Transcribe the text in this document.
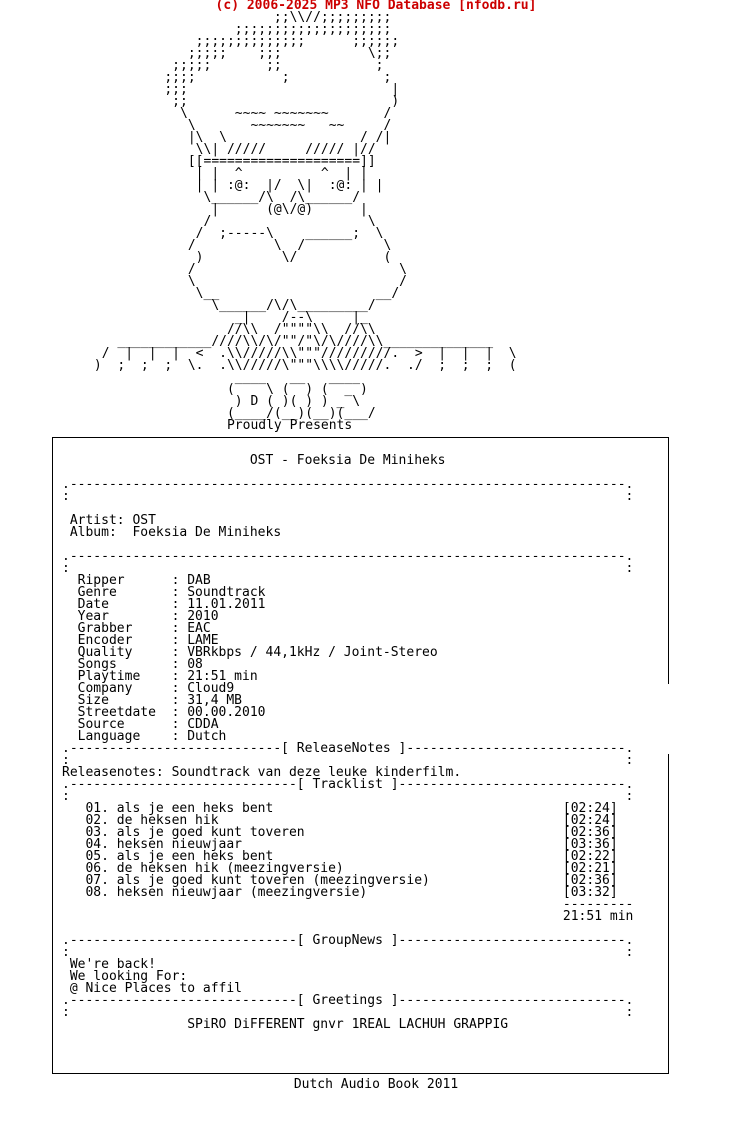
(c) 2006-2025 MP3 NFO Database [nfodb.ru]
;;\\//;;;;;;;;;
;;;;;;;;;;;;;;;;;;;;
;;;;;;;;;;;;;;      ;;;;;;
;;;;;    ;;;           \;;
;;;;;       ;;            ;
;;;;           ;            ;
;;;                          |
;;                          )
\      ~~~~ ~~~~~~~       /
\       ~~~~~~~   ~~     /
|\  \                 / /|
\\| /////     ///// |//
[[====================]]
| |  ^          ^  | |
| | :@:  |/  \|  :@: | |
\______/\  /\______/
|      (@\/@)      |
/                    \
/  ;-----\    ______;  \
/          \  /          \
)          \/           (
/                          \
\                          /
\__                    __/
\______/\/\_________/
_|    /--\     |_
//\\  /""""\\  //\\
____________////\\/\/""/"\/\////\\______________
/  |  |  |  <  .\\/////\\"""/////////.  >  |  |  |  \
)  ;  ;  ;  \.  .\\/////\"""\\\\/////.  ./  ;  ;  ;  (
____   __   ____
(    \ (  ) (  _ )
) D ( )( ) ) _ \
(____/(__)(__)(___/
Proudly Presents
OST - Foeksia De Miniheks

.-----------------------------------------------------------------------.
:                                                                       :

Artist: OST
Album:  Foeksia De Miniheks

.-----------------------------------------------------------------------.
:                                                                       :
Ripper      : DAB
Genre       : Soundtrack
Date        : 11.01.2011
Year        : 2010
Grabber     : EAC
Encoder     : LAME
Quality     : VBRkbps / 44,1kHz / Joint-Stereo
Songs       : 08
Playtime    : 21:51 min
Company     : Cloud9
Size        : 31,4 MB
Streetdate  : 00.00.2010
Source      : CDDA
Language    : Dutch
.---------------------------[ ReleaseNotes ]----------------------------.
:                                                                       :
Releasenotes: Soundtrack van deze leuke kinderfilm.
.-----------------------------[ Tracklist ]-----------------------------.
:                                                                       :
01. als je een heks bent                                     [02:24]
02. de heksen hik                                            [02:24]
03. als je goed kunt toveren                                 [02:36]
04. heksen nieuwjaar                                         [03:36]
05. als je een heks bent                                     [02:22]
06. de heksen hik (meezingversie)                            [02:21]
07. als je goed kunt toveren (meezingversie)                 [02:36]
08. heksen nieuwjaar (meezingversie)                         [03:32]
---------
21:51 min

.-----------------------------[ GroupNews ]-----------------------------.
:                                                                       :
We're back!
We looking For:
@ Nice Places to affil
.-----------------------------[ Greetings ]-----------------------------.
:                                                                       :
SPiRO DiFFERENT gnvr 1REAL LACHUH GRAPPIG
Dutch Audio Book 2011
